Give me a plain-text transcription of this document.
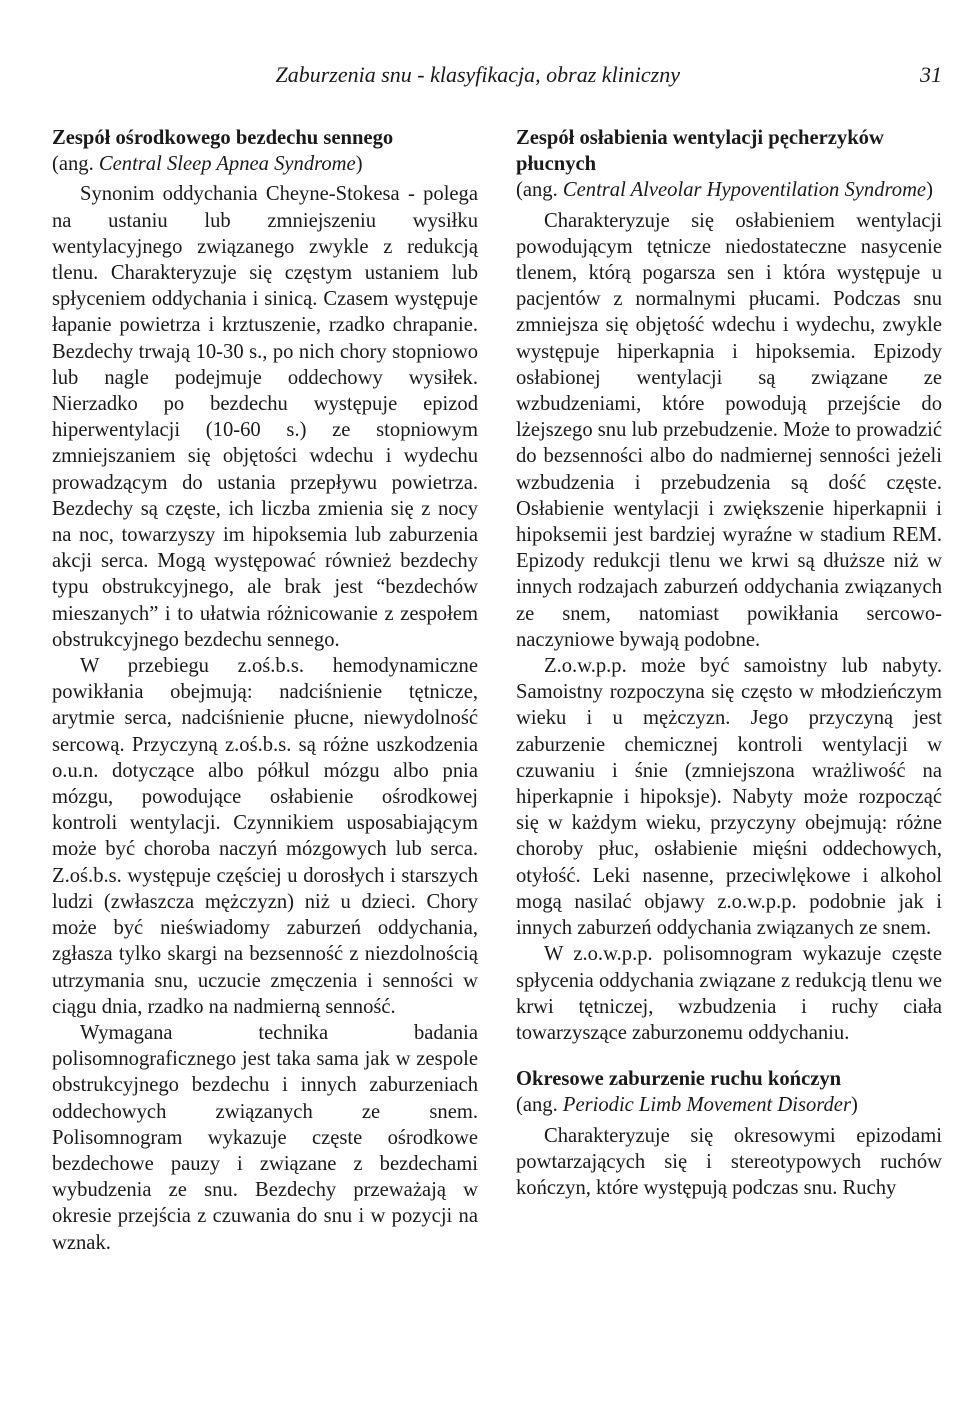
Zaburzenia snu - klasyfikacja, obraz kliniczny	31
Zespół ośrodkowego bezdechu sennego
(ang. Central Sleep Apnea Syndrome)

Synonim oddychania Cheyne-Stokesa - polega na ustaniu lub zmniejszeniu wysiłku wentylacyjnego związanego zwykle z redukcją tlenu. Charakteryzuje się częstym ustaniem lub spłyceniem oddychania i sinicą. Czasem występuje łapanie powietrza i krztuszenie, rzadko chrapanie. Bezdechy trwają 10-30 s., po nich chory stopniowo lub nagle podejmuje oddechowy wysiłek. Nierzadko po bezdechu występuje epizod hiperwentylacji (10-60 s.) ze stopniowym zmniejszaniem się objętości wdechu i wydechu prowadzącym do ustania przepływu powietrza. Bezdechy są częste, ich liczba zmienia się z nocy na noc, towarzyszy im hipoksemia lub zaburzenia akcji serca. Mogą występować również bezdechy typu obstrukcyjnego, ale brak jest “bezdechów mieszanych” i to ułatwia różnicowanie z zespołem obstrukcyjnego bezdechu sennego.

W przebiegu z.oś.b.s. hemodynamiczne powikłania obejmują: nadciśnienie tętnicze, arytmie serca, nadciśnienie płucne, niewydolność sercową. Przyczyną z.oś.b.s. są różne uszkodzenia o.u.n. dotyczące albo półkul mózgu albo pnia mózgu, powodujące osłabienie ośrodkowej kontroli wentylacji. Czynnikiem usposabiającym może być choroba naczyń mózgowych lub serca. Z.oś.b.s. występuje częściej u dorosłych i starszych ludzi (zwłaszcza mężczyzn) niż u dzieci. Chory może być nieświadomy zaburzeń oddychania, zgłasza tylko skargi na bezsenność z niezdolnością utrzymania snu, uczucie zmęczenia i senności w ciągu dnia, rzadko na nadmierną senność.

Wymagana technika badania polisomnograficznego jest taka sama jak w zespole obstrukcyjnego bezdechu i innych zaburzeniach oddechowych związanych ze snem. Polisomnogram wykazuje częste ośrodkowe bezdechowe pauzy i związane z bezdechami wybudzenia ze snu. Bezdechy przeważają w okresie przejścia z czuwania do snu i w pozycji na wznak.

Zespół osłabienia wentylacji pęcherzyków płucnych
(ang. Central Alveolar Hypoventilation Syndrome)

Charakteryzuje się osłabieniem wentylacji powodującym tętnicze niedostateczne nasycenie tlenem, którą pogarsza sen i która występuje u pacjentów z normalnymi płucami. Podczas snu zmniejsza się objętość wdechu i wydechu, zwykle występuje hiperkapnia i hipoksemia. Epizody osłabionej wentylacji są związane ze wzbudzeniami, które powodują przejście do lżejszego snu lub przebudzenie. Może to prowadzić do bezsenności albo do nadmiernej senności jeżeli wzbudzenia i przebudzenia są dość częste. Osłabienie wentylacji i zwiększenie hiperkapnii i hipoksemii jest bardziej wyraźne w stadium REM. Epizody redukcji tlenu we krwi są dłuższe niż w innych rodzajach zaburzeń oddychania związanych ze snem, natomiast powikłania sercowo-naczyniowe bywają podobne.

Z.o.w.p.p. może być samoistny lub nabyty. Samoistny rozpoczyna się często w młodzieńczym wieku i u mężczyzn. Jego przyczyną jest zaburzenie chemicznej kontroli wentylacji w czuwaniu i śnie (zmniejszona wrażliwość na hiperkapnie i hipoksje). Nabyty może rozpocząć się w każdym wieku, przyczyny obejmują: różne choroby płuc, osłabienie mięśni oddechowych, otyłość. Leki nasenne, przeciwlękowe i alkohol mogą nasilać objawy z.o.w.p.p. podobnie jak i innych zaburzeń oddychania związanych ze snem.

W z.o.w.p.p. polisomnogram wykazuje częste spłycenia oddychania związane z redukcją tlenu we krwi tętniczej, wzbudzenia i ruchy ciała towarzyszące zaburzonemu oddychaniu.

Okresowe zaburzenie ruchu kończyn
(ang. Periodic Limb Movement Disorder)

Charakteryzuje się okresowymi epizodami powtarzających się i stereotypowych ruchów kończyn, które występują podczas snu. Ruchy
